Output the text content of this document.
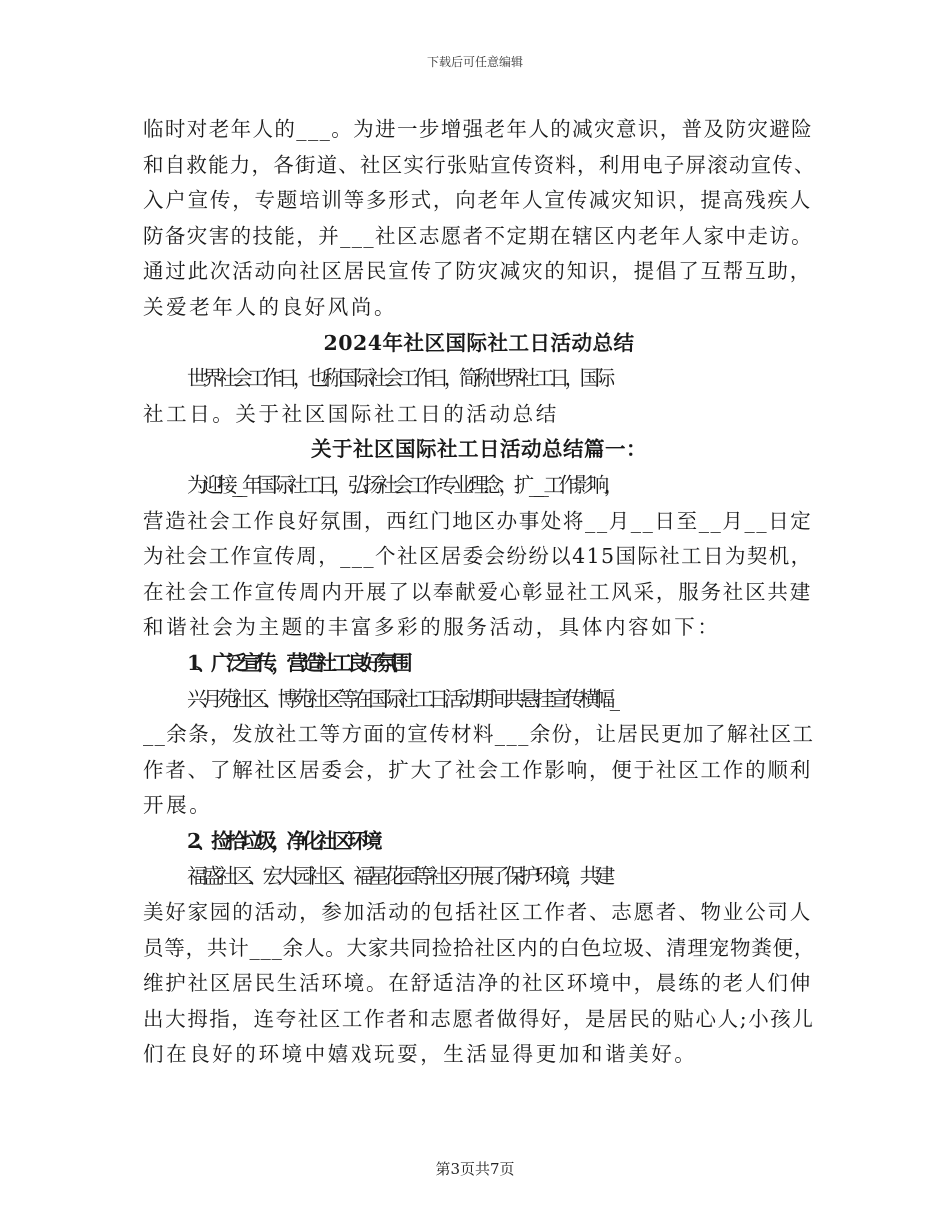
下载后可任意编辑
临时对老年人的___。为进一步增强老年人的减灾意识，普及防灾避险
和自救能力，各街道、社区实行张贴宣传资料，利用电子屏滚动宣传、
入户宣传，专题培训等多形式，向老年人宣传减灾知识，提高残疾人
防备灾害的技能，并___社区志愿者不定期在辖区内老年人家中走访。
通过此次活动向社区居民宣传了防灾减灾的知识，提倡了互帮互助，
关爱老年人的良好风尚。
2024年社区国际社工日活动总结
世界社会工作日，也称国际社会工作日，简称世界社工日，国际
社工日。关于社区国际社工日的活动总结
关于社区国际社工日活动总结篇一：
为迎接__年国际社工日，弘扬社会工作专业理念，扩___工作影响，
营造社会工作良好氛围，西红门地区办事处将__月__日至__月__日定
为社会工作宣传周，___个社区居委会纷纷以415国际社工日为契机，
在社会工作宣传周内开展了以奉献爱心彰显社工风采，服务社区共建
和谐社会为主题的丰富多彩的服务活动，具体内容如下：
1、广泛宣传，营造社工良好氛围
兴月苑社区、博苑社区等在国际社工日活动期间共悬挂宣传横幅_
__余条，发放社工等方面的宣传材料___余份，让居民更加了解社区工
作者、了解社区居委会，扩大了社会工作影响，便于社区工作的顺利
开展。
2、捡拾垃圾，净化社区环境
福盛社区、宏大园社区、福星花园等社区开展了保护环境，共建
美好家园的活动，参加活动的包括社区工作者、志愿者、物业公司人
员等，共计___余人。大家共同捡拾社区内的白色垃圾、清理宠物粪便，
维护社区居民生活环境。在舒适洁净的社区环境中，晨练的老人们伸
出大拇指，连夸社区工作者和志愿者做得好，是居民的贴心人;小孩儿
们在良好的环境中嬉戏玩耍，生活显得更加和谐美好。
第3页共7页
